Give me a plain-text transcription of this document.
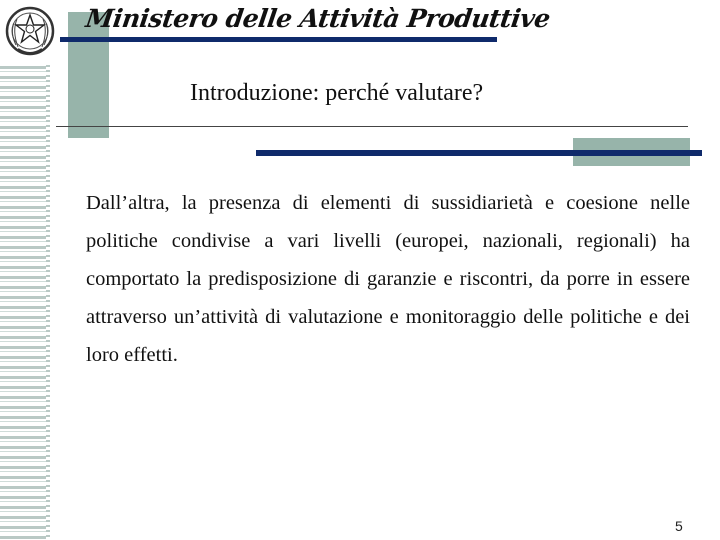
Ministero delle Attività Produttive
Introduzione: perché valutare?

Dall’altra, la presenza di elementi di sussidiarietà e coesione nelle politiche condivise a vari livelli (europei, nazionali, regionali) ha comportato la predisposizione di garanzie e riscontri, da porre in essere attraverso un’attività di valutazione e monitoraggio delle politiche e dei loro effetti.

5
